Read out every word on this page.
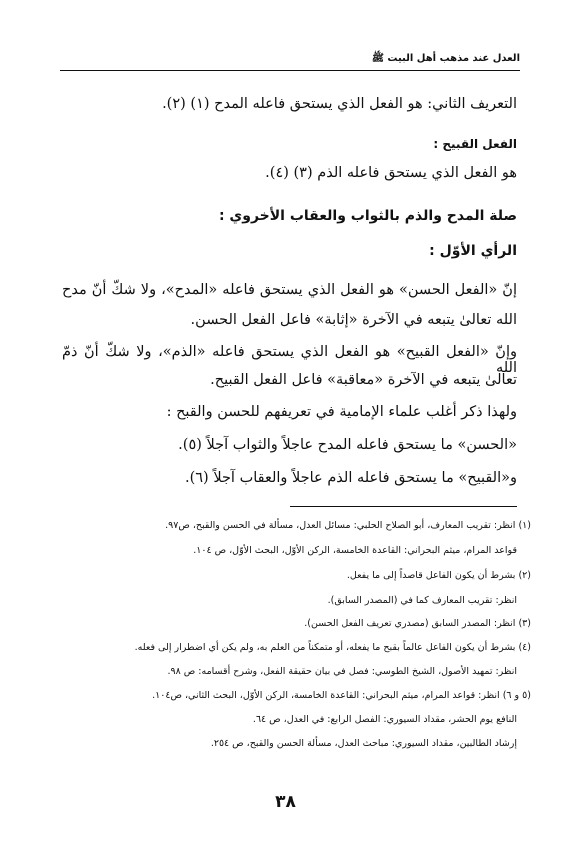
العدل عند مذهب أهل البيت ﷺ
التعريف الثاني: هو الفعل الذي يستحق فاعله المدح (١) (٢).
الفعل القبيح :
هو الفعل الذي يستحق فاعله الذم (٣) (٤).
صلة المدح والذم بالثواب والعقاب الأخروي :
الرأي الأوّل :
إنّ «الفعل الحسن» هو الفعل الذي يستحق فاعله «المدح»، ولا شكّ أنّ مدح
الله تعالىٰ يتبعه في الآخرة «إثابة» فاعل الفعل الحسن.
وإنّ «الفعل القبيح» هو الفعل الذي يستحق فاعله «الذم»، ولا شكّ أنّ ذمّ الله
تعالىٰ يتبعه في الآخرة «معاقبة» فاعل الفعل القبيح.
ولهذا ذكر أغلب علماء الإمامية في تعريفهم للحسن والقبح :
«الحسن» ما يستحق فاعله المدح عاجلاً والثواب آجلاً (٥).
و«القبيح» ما يستحق فاعله الذم عاجلاً والعقاب آجلاً (٦).
(١) انظر: تقريب المعارف، أبو الصلاح الحلبي: مسائل العدل، مسألة في الحسن والقبح، ص٩٧.
قواعد المرام، ميثم البحراني: القاعدة الخامسة، الركن الأوّل، البحث الأوّل، ص ١٠٤.
(٢) بشرط أن يكون الفاعل قاصداً إلى ما يفعل.
انظر: تقريب المعارف كما في (المصدر السابق).
(٣) انظر: المصدر السابق (مصدري تعريف الفعل الحسن).
(٤) بشرط أن يكون الفاعل عالماً بقبح ما يفعله، أو متمكناً من العلم به، ولم يكن أي اضطرار إلى فعله.
انظر: تمهيد الأصول، الشيخ الطوسي: فصل في بيان حقيقة الفعل، وشرح أقسامه: ص ٩٨.
(٥ و ٦) انظر: قواعد المرام، ميثم البحراني: القاعدة الخامسة، الركن الأوّل، البحث الثاني، ص١٠٤.
النافع يوم الحشر، مقداد السيوري: الفصل الرابع: في العدل، ص ٦٤.
إرشاد الطالبين، مقداد السيوري: مباحث العدل، مسألة الحسن والقبح، ص ٢٥٤.
٣٨
